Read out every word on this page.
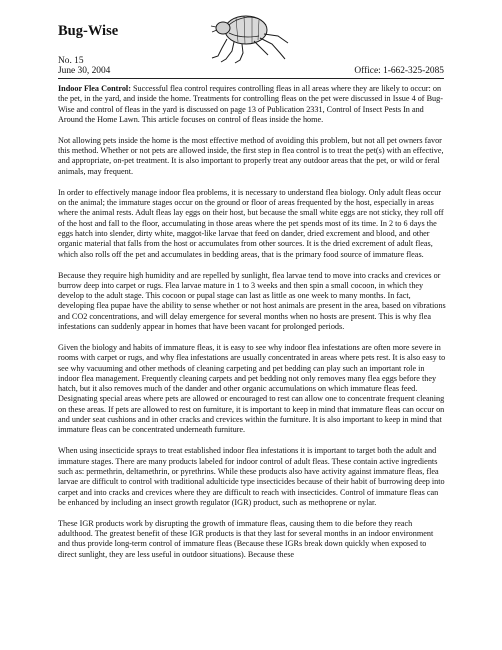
Bug-Wise
No. 15
June 30, 2004	Office: 1-662-325-2085

Indoor Flea Control: Successful flea control requires controlling fleas in all areas where they are likely to occur: on the pet, in the yard, and inside the home. Treatments for controlling fleas on the pet were discussed in Issue 4 of Bug-Wise and control of fleas in the yard is discussed on page 13 of Publication 2331, Control of Insect Pests In and Around the Home Lawn. This article focuses on control of fleas inside the home.

Not allowing pets inside the home is the most effective method of avoiding this problem, but not all pet owners favor this method. Whether or not pets are allowed inside, the first step in flea control is to treat the pet(s) with an effective, and appropriate, on-pet treatment. It is also important to properly treat any outdoor areas that the pet, or wild or feral animals, may frequent.

In order to effectively manage indoor flea problems, it is necessary to understand flea biology. Only adult fleas occur on the animal; the immature stages occur on the ground or floor of areas frequented by the host, especially in areas where the animal rests. Adult fleas lay eggs on their host, but because the small white eggs are not sticky, they roll off of the host and fall to the floor, accumulating in those areas where the pet spends most of its time. In 2 to 6 days the eggs hatch into slender, dirty white, maggot-like larvae that feed on dander, dried excrement and blood, and other organic material that falls from the host or accumulates from other sources. It is the dried excrement of adult fleas, which also rolls off the pet and accumulates in bedding areas, that is the primary food source of immature fleas.

Because they require high humidity and are repelled by sunlight, flea larvae tend to move into cracks and crevices or burrow deep into carpet or rugs. Flea larvae mature in 1 to 3 weeks and then spin a small cocoon, in which they develop to the adult stage. This cocoon or pupal stage can last as little as one week to many months. In fact, developing flea pupae have the ability to sense whether or not host animals are present in the area, based on vibrations and CO2 concentrations, and will delay emergence for several months when no hosts are present. This is why flea infestations can suddenly appear in homes that have been vacant for prolonged periods.

Given the biology and habits of immature fleas, it is easy to see why indoor flea infestations are often more severe in rooms with carpet or rugs, and why flea infestations are usually concentrated in areas where pets rest. It is also easy to see why vacuuming and other methods of cleaning carpeting and pet bedding can play such an important role in indoor flea management. Frequently cleaning carpets and pet bedding not only removes many flea eggs before they hatch, but it also removes much of the dander and other organic accumulations on which immature fleas feed. Designating special areas where pets are allowed or encouraged to rest can allow one to concentrate frequent cleaning on these areas. If pets are allowed to rest on furniture, it is important to keep in mind that immature fleas can occur on and under seat cushions and in other cracks and crevices within the furniture. It is also important to keep in mind that immature fleas can be concentrated underneath furniture.

When using insecticide sprays to treat established indoor flea infestations it is important to target both the adult and immature stages. There are many products labeled for indoor control of adult fleas. These contain active ingredients such as: permethrin, deltamethrin, or pyrethrins. While these products also have activity against immature fleas, flea larvae are difficult to control with traditional adulticide type insecticides because of their habit of burrowing deep into carpet and into cracks and crevices where they are difficult to reach with insecticides. Control of immature fleas can be enhanced by including an insect growth regulator (IGR) product, such as methoprene or nylar.

These IGR products work by disrupting the growth of immature fleas, causing them to die before they reach adulthood. The greatest benefit of these IGR products is that they last for several months in an indoor environment and thus provide long-term control of immature fleas (Because these IGRs break down quickly when exposed to direct sunlight, they are less useful in outdoor situations). Because these
